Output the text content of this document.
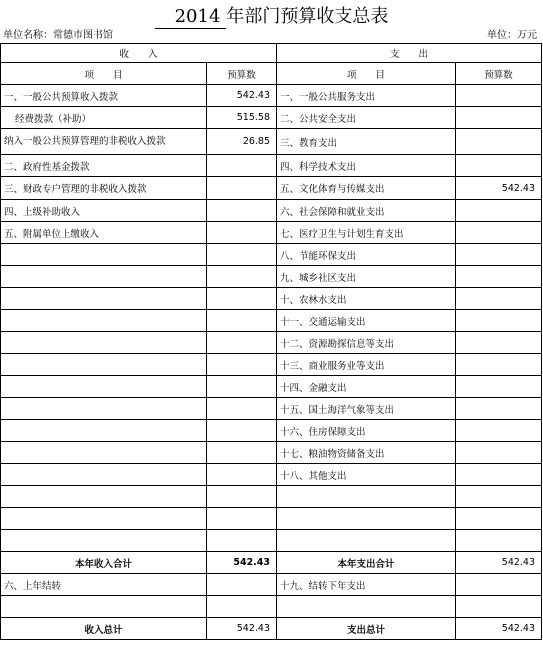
2014 年部门预算收支总表
单位名称：常德市图书馆	单位：万元
收　　入		支　　出	
项　　目	预算数	项　　目	预算数
一、一般公共预算收入拨款	542.43	一、一般公共服务支出	
经费拨款（补助）	515.58	二、公共安全支出	
纳入一般公共预算管理的非税收入拨款	26.85	三、教育支出	
二、政府性基金拨款		四、科学技术支出	
三、财政专户管理的非税收入拨款		五、文化体育与传媒支出	542.43
四、上级补助收入		六、社会保障和就业支出	
五、附属单位上缴收入		七、医疗卫生与计划生育支出	
		八、节能环保支出	
		九、城乡社区支出	
		十、农林水支出	
		十一、交通运输支出	
		十二、资源勘探信息等支出	
		十三、商业服务业等支出	
		十四、金融支出	
		十五、国土海洋气象等支出	
		十六、住房保障支出	
		十七、粮油物资储备支出	
		十八、其他支出	

本年收入合计	542.43	本年支出合计	542.43
六、上年结转		十九、结转下年支出	

收入总计	542.43	支出总计	542.43
